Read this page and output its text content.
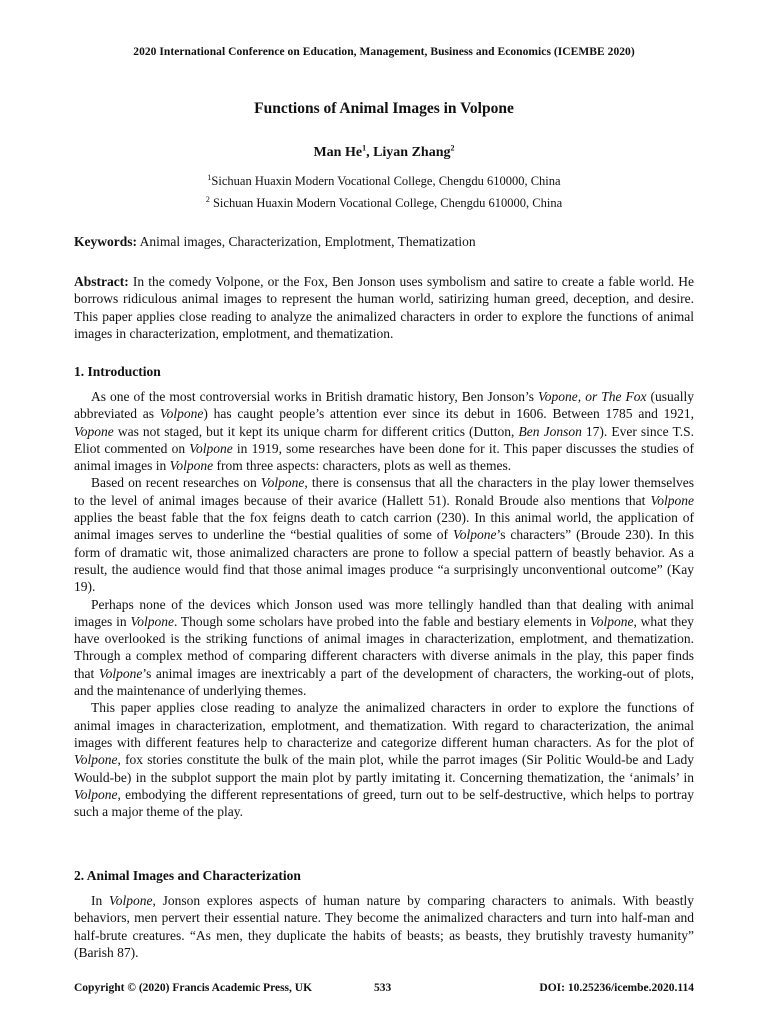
2020 International Conference on Education, Management, Business and Economics (ICEMBE 2020)
Functions of Animal Images in Volpone
Man He$^1$, Liyan Zhang$^2$
$^1$Sichuan Huaxin Modern Vocational College, Chengdu 610000, China
$^2$ Sichuan Huaxin Modern Vocational College, Chengdu 610000, China
Keywords: Animal images, Characterization, Emplotment, Thematization
Abstract: In the comedy Volpone, or the Fox, Ben Jonson uses symbolism and satire to create a fable world. He borrows ridiculous animal images to represent the human world, satirizing human greed, deception, and desire. This paper applies close reading to analyze the animalized characters in order to explore the functions of animal images in characterization, emplotment, and thematization.
1. Introduction

As one of the most controversial works in British dramatic history, Ben Jonson’s Vopone, or The Fox (usually abbreviated as Volpone) has caught people’s attention ever since its debut in 1606. Between 1785 and 1921, Vopone was not staged, but it kept its unique charm for different critics (Dutton, Ben Jonson 17). Ever since T.S. Eliot commented on Volpone in 1919, some researches have been done for it. This paper discusses the studies of animal images in Volpone from three aspects: characters, plots as well as themes.

Based on recent researches on Volpone, there is consensus that all the characters in the play lower themselves to the level of animal images because of their avarice (Hallett 51). Ronald Broude also mentions that Volpone applies the beast fable that the fox feigns death to catch carrion (230). In this animal world, the application of animal images serves to underline the “bestial qualities of some of Volpone’s characters” (Broude 230). In this form of dramatic wit, those animalized characters are prone to follow a special pattern of beastly behavior. As a result, the audience would find that those animal images produce “a surprisingly unconventional outcome” (Kay 19).

Perhaps none of the devices which Jonson used was more tellingly handled than that dealing with animal images in Volpone. Though some scholars have probed into the fable and bestiary elements in Volpone, what they have overlooked is the striking functions of animal images in characterization, emplotment, and thematization. Through a complex method of comparing different characters with diverse animals in the play, this paper finds that Volpone’s animal images are inextricably a part of the development of characters, the working-out of plots, and the maintenance of underlying themes.

This paper applies close reading to analyze the animalized characters in order to explore the functions of animal images in characterization, emplotment, and thematization. With regard to characterization, the animal images with different features help to characterize and categorize different human characters. As for the plot of Volpone, fox stories constitute the bulk of the main plot, while the parrot images (Sir Politic Would-be and Lady Would-be) in the subplot support the main plot by partly imitating it. Concerning thematization, the ‘animals’ in Volpone, embodying the different representations of greed, turn out to be self-destructive, which helps to portray such a major theme of the play.

2. Animal Images and Characterization

In Volpone, Jonson explores aspects of human nature by comparing characters to animals. With beastly behaviors, men pervert their essential nature. They become the animalized characters and turn into half-man and half-brute creatures. “As men, they duplicate the habits of beasts; as beasts, they brutishly travesty humanity” (Barish 87).

Copyright © (2020) Francis Academic Press, UK	533	DOI: 10.25236/icembe.2020.114
